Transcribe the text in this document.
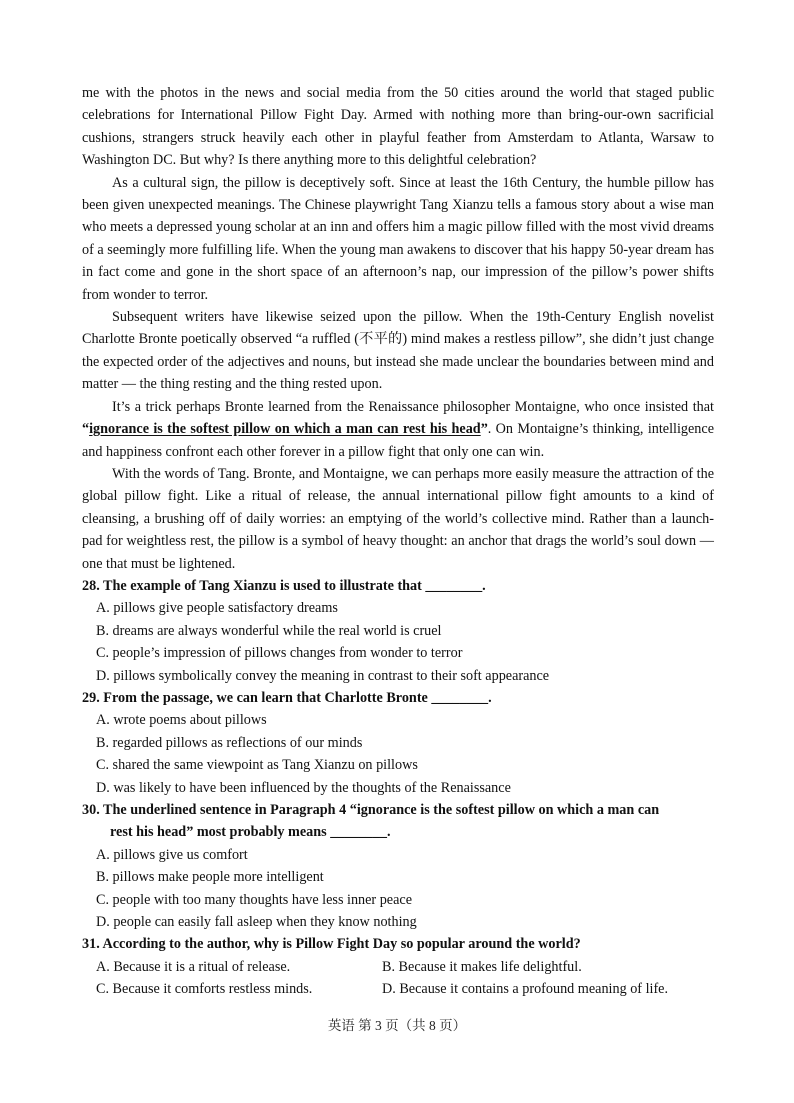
me with the photos in the news and social media from the 50 cities around the world that staged public celebrations for International Pillow Fight Day. Armed with nothing more than bring-our-own sacrificial cushions, strangers struck heavily each other in playful feather from Amsterdam to Atlanta, Warsaw to Washington DC. But why? Is there anything more to this delightful celebration?

As a cultural sign, the pillow is deceptively soft. Since at least the 16th Century, the humble pillow has been given unexpected meanings. The Chinese playwright Tang Xianzu tells a famous story about a wise man who meets a depressed young scholar at an inn and offers him a magic pillow filled with the most vivid dreams of a seemingly more fulfilling life. When the young man awakens to discover that his happy 50-year dream has in fact come and gone in the short space of an afternoon’s nap, our impression of the pillow’s power shifts from wonder to terror.

Subsequent writers have likewise seized upon the pillow. When the 19th-Century English novelist Charlotte Bronte poetically observed “a ruffled (不平的) mind makes a restless pillow”, she didn’t just change the expected order of the adjectives and nouns, but instead she made unclear the boundaries between mind and matter — the thing resting and the thing rested upon.

It’s a trick perhaps Bronte learned from the Renaissance philosopher Montaigne, who once insisted that “ignorance is the softest pillow on which a man can rest his head”. On Montaigne’s thinking, intelligence and happiness confront each other forever in a pillow fight that only one can win.

With the words of Tang. Bronte, and Montaigne, we can perhaps more easily measure the attraction of the global pillow fight. Like a ritual of release, the annual international pillow fight amounts to a kind of cleansing, a brushing off of daily worries: an emptying of the world’s collective mind. Rather than a launch-pad for weightless rest, the pillow is a symbol of heavy thought: an anchor that drags the world’s soul down — one that must be lightened.

28. The example of Tang Xianzu is used to illustrate that ________.

A. pillows give people satisfactory dreams

B. dreams are always wonderful while the real world is cruel

C. people’s impression of pillows changes from wonder to terror

D. pillows symbolically convey the meaning in contrast to their soft appearance

29. From the passage, we can learn that Charlotte Bronte ________.

A. wrote poems about pillows

B. regarded pillows as reflections of our minds

C. shared the same viewpoint as Tang Xianzu on pillows

D. was likely to have been influenced by the thoughts of the Renaissance

30. The underlined sentence in Paragraph 4 “ignorance is the softest pillow on which a man can

rest his head” most probably means ________.

A. pillows give us comfort

B. pillows make people more intelligent

C. people with too many thoughts have less inner peace

D. people can easily fall asleep when they know nothing

31. According to the author, why is Pillow Fight Day so popular around the world?

A. Because it is a ritual of release.	B. Because it makes life delightful.
C. Because it comforts restless minds.	D. Because it contains a profound meaning of life.
英语 第 3 页（共 8 页）
